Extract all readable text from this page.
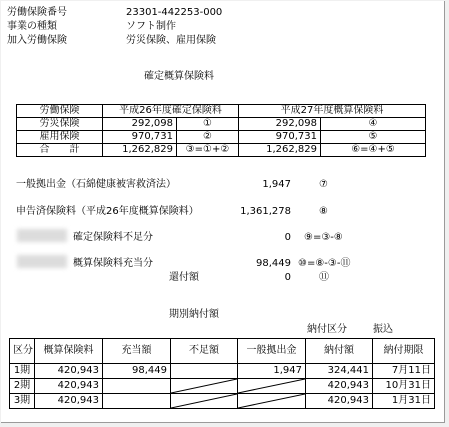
労働保険番号	23301-442253-000
事業の種類	ソフト制作
加入労働保険	労災保険、雇用保険
確定概算保険料
労働保険	平成26年度確定保険料		平成27年度概算保険料	
労災保険	292,098	①	292,098	④
雇用保険	970,731	②	970,731	⑤
合　　計	1,262,829	③=①+②	1,262,829	⑥=④+⑤
一般拠出金（石綿健康被害救済法）	1,947	⑦
申告済保険料（平成26年度概算保険料）	1,361,278	⑧
確定保険料不足分	0 ⑨=③-⑧
概算保険料充当分	98,449 ⑩=⑧-③-⑪
還付額	0	⑪
期別納付額
納付区分	振込
区分	概算保険料	充当額	不足額	一般拠出金	納付額	納付期限
1期	420,943	98,449		1,947	324,441	7月11日
2期	420,943				420,943	10月31日
3期	420,943				420,943	1月31日
